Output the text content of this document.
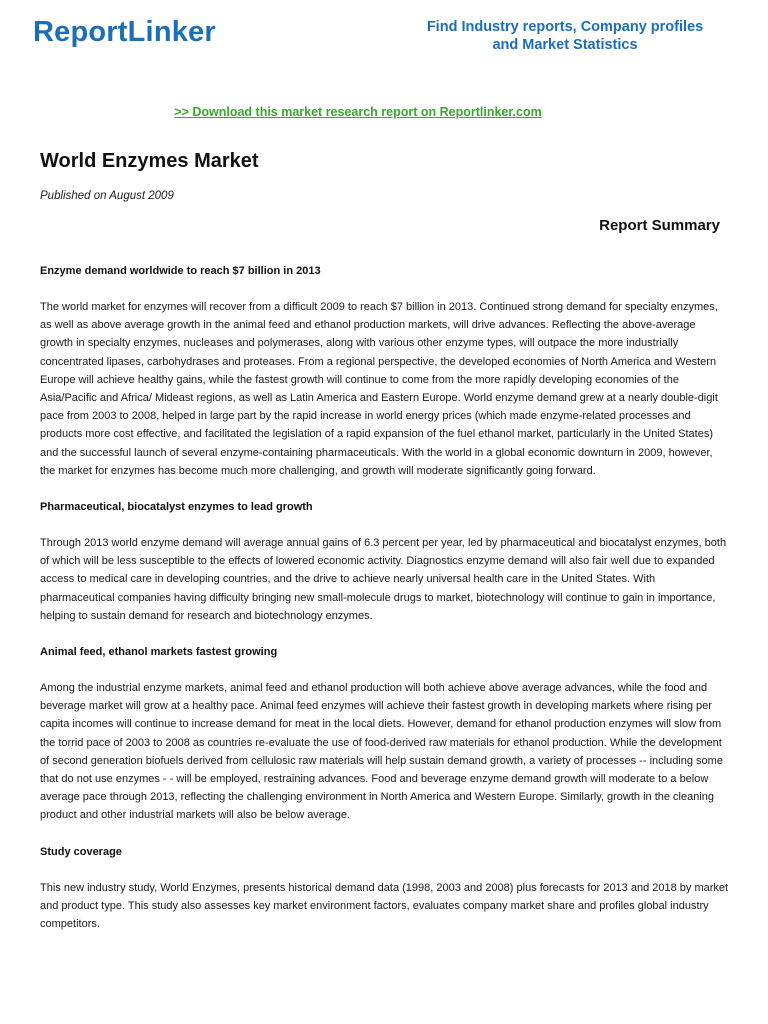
ReportLinker	Find Industry reports, Company profiles
and Market Statistics
>> Download this market research report on Reportlinker.com
World Enzymes Market
Published on August 2009
Report Summary
Enzyme demand worldwide to reach $7 billion in 2013
The world market for enzymes will recover from a difficult 2009 to reach $7 billion in 2013. Continued strong demand for specialty enzymes, as well as above average growth in the animal feed and ethanol production markets, will drive advances. Reflecting the above-average growth in specialty enzymes, nucleases and polymerases, along with various other enzyme types, will outpace the more industrially concentrated lipases, carbohydrases and proteases. From a regional perspective, the developed economies of North America and Western Europe will achieve healthy gains, while the fastest growth will continue to come from the more rapidly developing economies of the Asia/Pacific and Africa/ Mideast regions, as well as Latin America and Eastern Europe. World enzyme demand grew at a nearly double-digit pace from 2003 to 2008, helped in large part by the rapid increase in world energy prices (which made enzyme-related processes and products more cost effective, and facilitated the legislation of a rapid expansion of the fuel ethanol market, particularly in the United States) and the successful launch of several enzyme-containing pharmaceuticals. With the world in a global economic downturn in 2009, however, the market for enzymes has become much more challenging, and growth will moderate significantly going forward.
Pharmaceutical, biocatalyst enzymes to lead growth
Through 2013 world enzyme demand will average annual gains of 6.3 percent per year, led by pharmaceutical and biocatalyst enzymes, both of which will be less susceptible to the effects of lowered economic activity. Diagnostics enzyme demand will also fair well due to expanded access to medical care in developing countries, and the drive to achieve nearly universal health care in the United States. With pharmaceutical companies having difficulty bringing new small-molecule drugs to market, biotechnology will continue to gain in importance, helping to sustain demand for research and biotechnology enzymes.
Animal feed, ethanol markets fastest growing
Among the industrial enzyme markets, animal feed and ethanol production will both achieve above average advances, while the food and beverage market will grow at a healthy pace. Animal feed enzymes will achieve their fastest growth in developing markets where rising per capita incomes will continue to increase demand for meat in the local diets. However, demand for ethanol production enzymes will slow from the torrid pace of 2003 to 2008 as countries re-evaluate the use of food-derived raw materials for ethanol production. While the development of second generation biofuels derived from cellulosic raw materials will help sustain demand growth, a variety of processes -- including some that do not use enzymes - - will be employed, restraining advances. Food and beverage enzyme demand growth will moderate to a below average pace through 2013, reflecting the challenging environment in North America and Western Europe. Similarly, growth in the cleaning product and other industrial markets will also be below average.
Study coverage
This new industry study, World Enzymes, presents historical demand data (1998, 2003 and 2008) plus forecasts for 2013 and 2018 by market and product type. This study also assesses key market environment factors, evaluates company market share and profiles global industry competitors.
